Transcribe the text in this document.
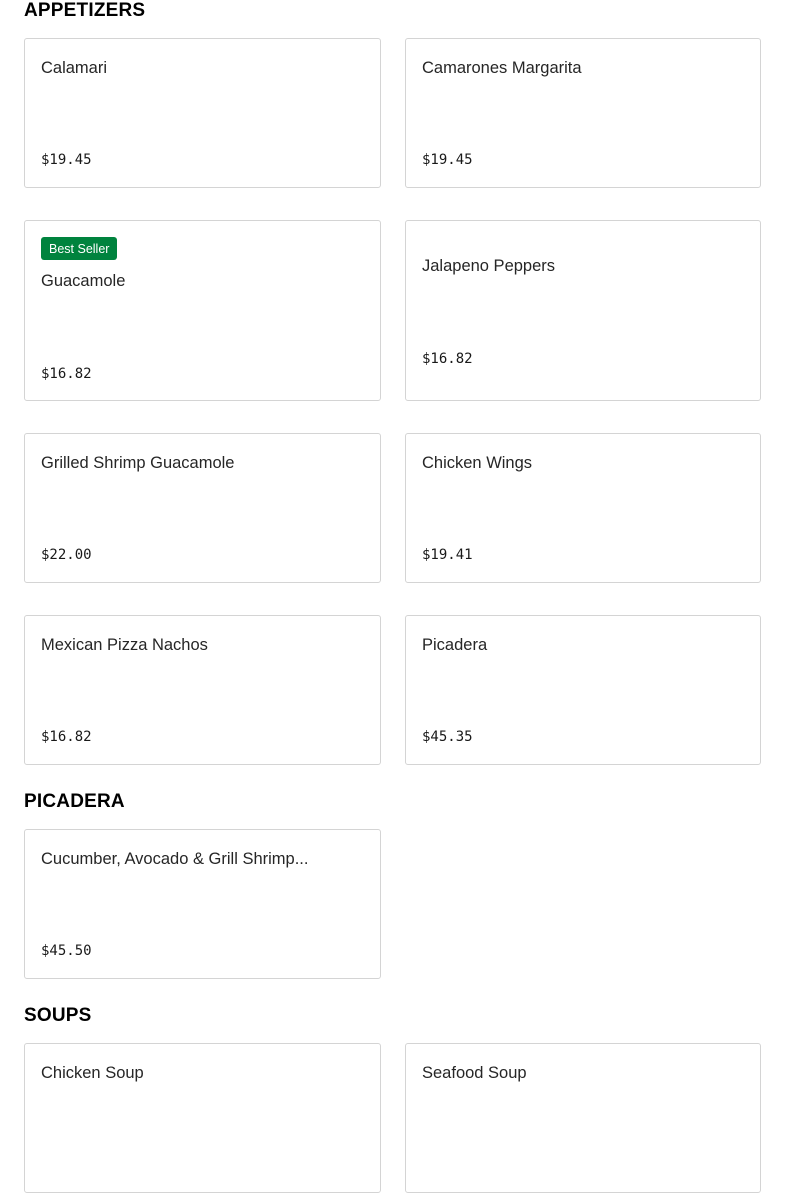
APPETIZERS
Calamari
$19.45
Camarones Margarita
$19.45
Best Seller
Guacamole
$16.82
Jalapeno Peppers
$16.82
Grilled Shrimp Guacamole
$22.00
Chicken Wings
$19.41
Mexican Pizza Nachos
$16.82
Picadera
$45.35
PICADERA
Cucumber, Avocado & Grill Shrimp...
$45.50
SOUPS
Chicken Soup	Seafood Soup
